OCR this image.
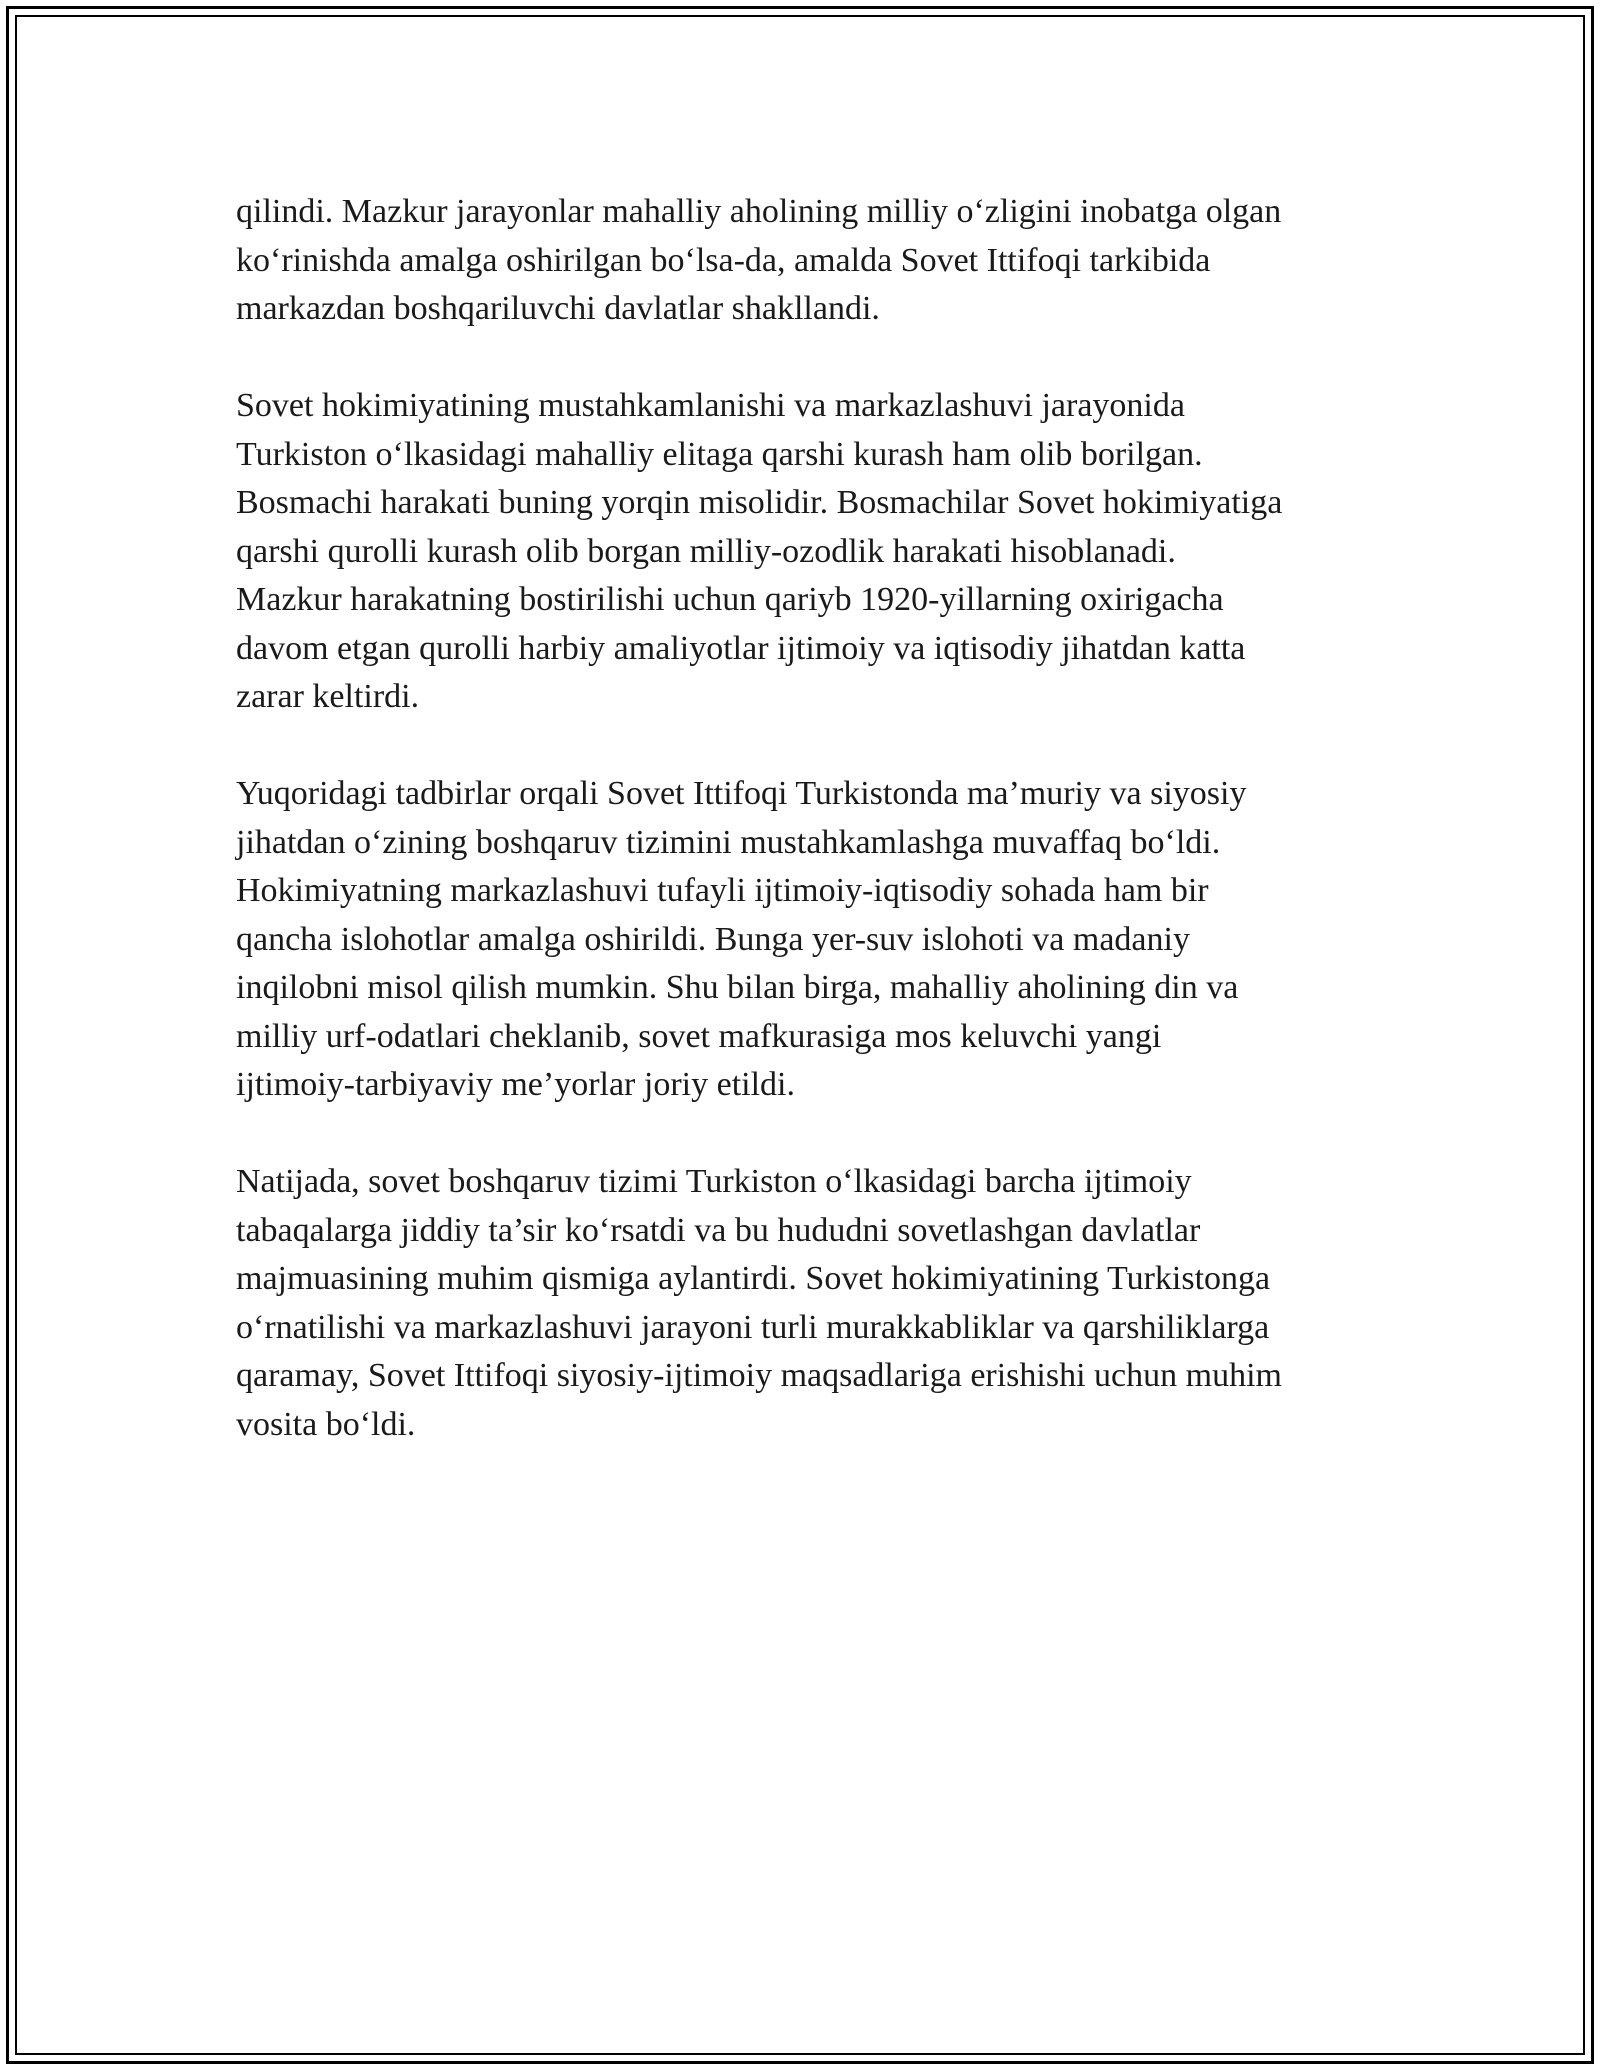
qilindi. Mazkur jarayonlar mahalliy aholining milliy o‘zligini inobatga olgan
ko‘rinishda amalga oshirilgan bo‘lsa-da, amalda Sovet Ittifoqi tarkibida
markazdan boshqariluvchi davlatlar shakllandi.

Sovet hokimiyatining mustahkamlanishi va markazlashuvi jarayonida
Turkiston o‘lkasidagi mahalliy elitaga qarshi kurash ham olib borilgan.
Bosmachi harakati buning yorqin misolidir. Bosmachilar Sovet hokimiyatiga
qarshi qurolli kurash olib borgan milliy-ozodlik harakati hisoblanadi.
Mazkur harakatning bostirilishi uchun qariyb 1920-yillarning oxirigacha
davom etgan qurolli harbiy amaliyotlar ijtimoiy va iqtisodiy jihatdan katta
zarar keltirdi.

Yuqoridagi tadbirlar orqali Sovet Ittifoqi Turkistonda ma’muriy va siyosiy
jihatdan o‘zining boshqaruv tizimini mustahkamlashga muvaffaq bo‘ldi.
Hokimiyatning markazlashuvi tufayli ijtimoiy-iqtisodiy sohada ham bir
qancha islohotlar amalga oshirildi. Bunga yer-suv islohoti va madaniy
inqilobni misol qilish mumkin. Shu bilan birga, mahalliy aholining din va
milliy urf-odatlari cheklanib, sovet mafkurasiga mos keluvchi yangi
ijtimoiy-tarbiyaviy me’yorlar joriy etildi.

Natijada, sovet boshqaruv tizimi Turkiston o‘lkasidagi barcha ijtimoiy
tabaqalarga jiddiy ta’sir ko‘rsatdi va bu hududni sovetlashgan davlatlar
majmuasining muhim qismiga aylantirdi. Sovet hokimiyatining Turkistonga
o‘rnatilishi va markazlashuvi jarayoni turli murakkabliklar va qarshiliklarga
qaramay, Sovet Ittifoqi siyosiy-ijtimoiy maqsadlariga erishishi uchun muhim
vosita bo‘ldi.
